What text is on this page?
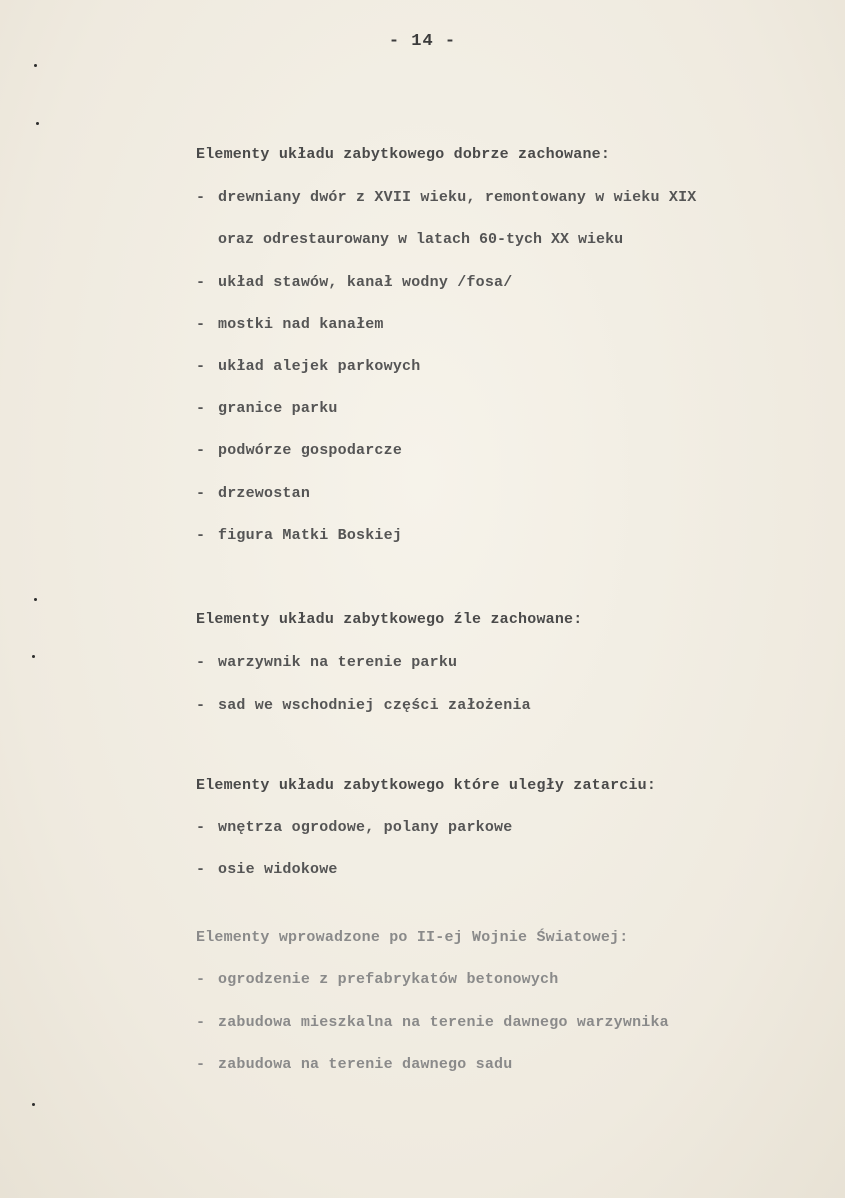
- 14 -
Elementy układu zabytkowego dobrze zachowane:
- drewniany dwór z XVII wieku, remontowany w wieku XIX
oraz odrestaurowany w latach 60-tych XX wieku
- układ stawów, kanał wodny /fosa/
- mostki nad kanałem
- układ alejek parkowych
- granice parku
- podwórze gospodarcze
- drzewostan
- figura Matki Boskiej
Elementy układu zabytkowego źle zachowane:
- warzywnik na terenie parku
- sad we wschodniej części założenia
Elementy układu zabytkowego które uległy zatarciu:
- wnętrza ogrodowe, polany parkowe
- osie widokowe
Elementy wprowadzone po II-ej Wojnie Światowej:
- ogrodzenie z prefabrykatów betonowych
- zabudowa mieszkalna na terenie dawnego warzywnika
- zabudowa na terenie dawnego sadu
